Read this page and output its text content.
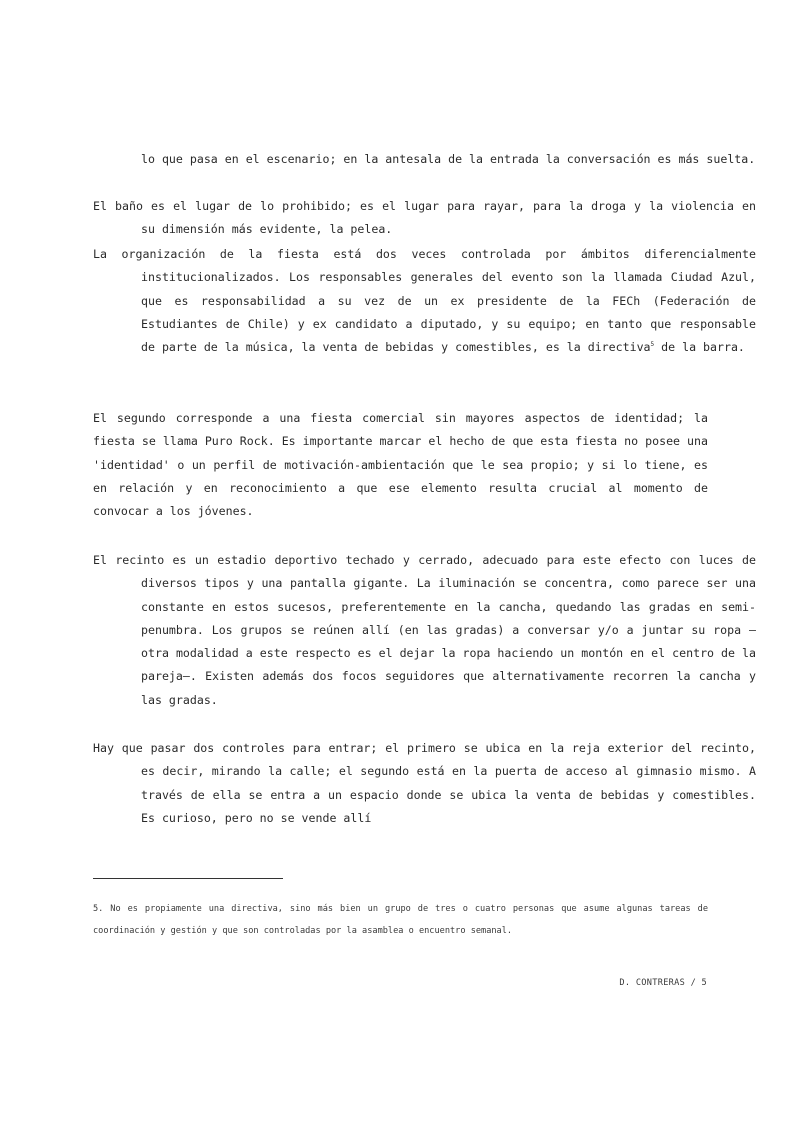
lo que pasa en el escenario; en la antesala de la entrada la conversación es más suelta.

El baño es el lugar de lo prohibido; es el lugar para rayar, para la droga y la violencia en su dimensión más evidente, la pelea.

La organización de la fiesta está dos veces controlada por ámbitos diferencialmente institucionalizados. Los responsables generales del evento son la llamada Ciudad Azul, que es responsabilidad a su vez de un ex presidente de la FECh (Federación de Estudiantes de Chile) y ex candidato a diputado, y su equipo; en tanto que responsable de parte de la música, la venta de bebidas y comestibles, es la directiva$^5$ de la barra.

El segundo corresponde a una fiesta comercial sin mayores aspectos de identidad; la fiesta se llama Puro Rock. Es importante marcar el hecho de que esta fiesta no posee una 'identidad' o un perfil de motivación-ambientación que le sea propio; y si lo tiene, es en relación y en reconocimiento a que ese elemento resulta crucial al momento de convocar a los jóvenes.

El recinto es un estadio deportivo techado y cerrado, adecuado para este efecto con luces de diversos tipos y una pantalla gigante. La iluminación se concentra, como parece ser una constante en estos sucesos, preferentemente en la cancha, quedando las gradas en semi-penumbra. Los grupos se reúnen allí (en las gradas) a conversar y/o a juntar su ropa —otra modalidad a este respecto es el dejar la ropa haciendo un montón en el centro de la pareja—. Existen además dos focos seguidores que alternativamente recorren la cancha y las gradas.

Hay que pasar dos controles para entrar; el primero se ubica en la reja exterior del recinto, es decir, mirando la calle; el segundo está en la puerta de acceso al gimnasio mismo. A través de ella se entra a un espacio donde se ubica la venta de bebidas y comestibles. Es curioso, pero no se vende allí

5. No es propiamente una directiva, sino más bien un grupo de tres o cuatro personas que asume algunas tareas de coordinación y gestión y que son controladas por la asamblea o encuentro semanal.

D. CONTRERAS / 5
